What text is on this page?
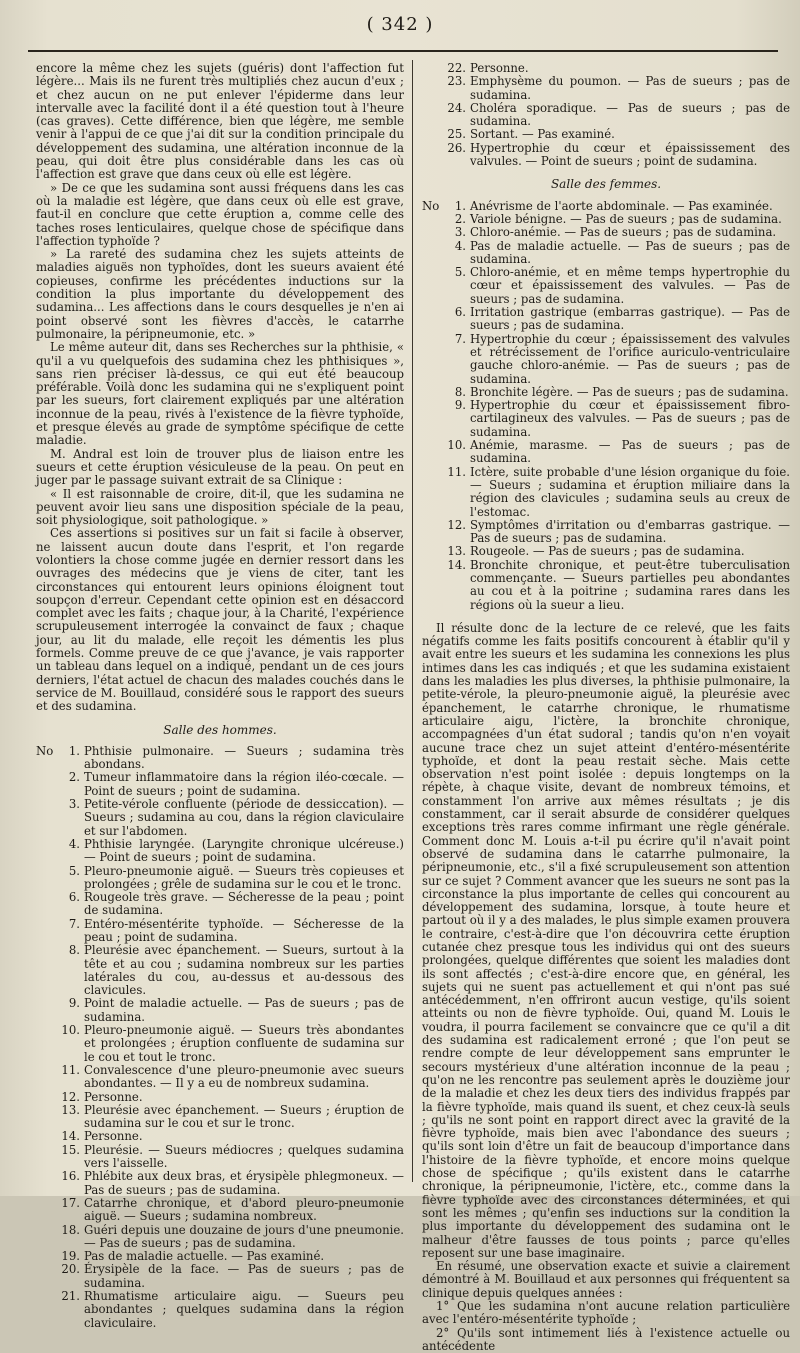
( 342 )

encore la même chez les sujets (guéris) dont l'affection fut légère... Mais ils ne furent très multipliés chez aucun d'eux ; et chez aucun on ne put enlever l'épiderme dans leur intervalle avec la facilité dont il a été question tout à l'heure (cas graves). Cette différence, bien que légère, me semble venir à l'appui de ce que j'ai dit sur la condition principale du développement des sudamina, une altération inconnue de la peau, qui doit être plus considérable dans les cas où l'affection est grave que dans ceux où elle est légère.

» De ce que les sudamina sont aussi fréquens dans les cas où la maladie est légère, que dans ceux où elle est grave, faut-il en conclure que cette éruption a, comme celle des taches roses lenticulaires, quelque chose de spécifique dans l'affection typhoïde ?

» La rareté des sudamina chez les sujets atteints de maladies aiguës non typhoïdes, dont les sueurs avaient été copieuses, confirme les précédentes inductions sur la condition la plus importante du développement des sudamina... Les affections dans le cours desquelles je n'en ai point observé sont les fièvres d'accès, le catarrhe pulmonaire, la péripneumonie, etc. »

Le même auteur dit, dans ses Recherches sur la phthisie, « qu'il a vu quelquefois des sudamina chez les phthisiques », sans rien préciser là-dessus, ce qui eut été beaucoup préférable. Voilà donc les sudamina qui ne s'expliquent point par les sueurs, fort clairement expliqués par une altération inconnue de la peau, rivés à l'existence de la fièvre typhoïde, et presque élevés au grade de symptôme spécifique de cette maladie.

M. Andral est loin de trouver plus de liaison entre les sueurs et cette éruption vésiculeuse de la peau. On peut en juger par le passage suivant extrait de sa Clinique :

« Il est raisonnable de croire, dit-il, que les sudamina ne peuvent avoir lieu sans une disposition spéciale de la peau, soit physiologique, soit pathologique. »

Ces assertions si positives sur un fait si facile à observer, ne laissent aucun doute dans l'esprit, et l'on regarde volontiers la chose comme jugée en dernier ressort dans les ouvrages des médecins que je viens de citer, tant les circonstances qui entourent leurs opinions éloignent tout soupçon d'erreur. Cependant cette opinion est en désaccord complet avec les faits ; chaque jour, à la Charité, l'expérience scrupuleusement interrogée la convainct de faux ; chaque jour, au lit du malade, elle reçoit les démentis les plus formels. Comme preuve de ce que j'avance, je vais rapporter un tableau dans lequel on a indiqué, pendant un de ces jours derniers, l'état actuel de chacun des malades couchés dans le service de M. Bouillaud, considéré sous le rapport des sueurs et des sudamina.

Salle des hommes.
No	1. Phthisie pulmonaire. — Sueurs ; sudamina très abondans.
2. Tumeur inflammatoire dans la région iléo-cœcale. — Point de sueurs ; point de sudamina.
3. Petite-vérole confluente (période de dessiccation). — Sueurs ; sudamina au cou, dans la région claviculaire et sur l'abdomen.
4. Phthisie laryngée. (Laryngite chronique ulcéreuse.) — Point de sueurs ; point de sudamina.
5. Pleuro-pneumonie aiguë. — Sueurs très copieuses et prolongées ; grêle de sudamina sur le cou et le tronc.
6. Rougeole très grave. — Sécheresse de la peau ; point de sudamina.
7. Entéro-mésentérite typhoïde. — Sécheresse de la peau ; point de sudamina.
8. Pleurésie avec épanchement. — Sueurs, surtout à la tête et au cou ; sudamina nombreux sur les parties latérales du cou, au-dessus et au-dessous des clavicules.
9. Point de maladie actuelle. — Pas de sueurs ; pas de sudamina.
10. Pleuro-pneumonie aiguë. — Sueurs très abondantes et prolongées ; éruption confluente de sudamina sur le cou et tout le tronc.
11. Convalescence d'une pleuro-pneumonie avec sueurs abondantes. — Il y a eu de nombreux sudamina.
12. Personne.
13. Pleurésie avec épanchement. — Sueurs ; éruption de sudamina sur le cou et sur le tronc.
14. Personne.
15. Pleurésie. — Sueurs médiocres ; quelques sudamina vers l'aisselle.
16. Phlébite aux deux bras, et érysipèle phlegmoneux. — Pas de sueurs ; pas de sudamina.
17. Catarrhe chronique, et d'abord pleuro-pneumonie aiguë. — Sueurs ; sudamina nombreux.
18. Guéri depuis une douzaine de jours d'une pneumonie. — Pas de sueurs ; pas de sudamina.
19. Pas de maladie actuelle. — Pas examiné.
20. Érysipèle de la face. — Pas de sueurs ; pas de sudamina.
21. Rhumatisme articulaire aigu. — Sueurs peu abondantes ; quelques sudamina dans la région claviculaire.
22. Personne.
23. Emphysème du poumon. — Pas de sueurs ; pas de sudamina.
24. Choléra sporadique. — Pas de sueurs ; pas de sudamina.
25. Sortant. — Pas examiné.
26. Hypertrophie du cœur et épaississement des valvules. — Point de sueurs ; point de sudamina.
Salle des femmes.
No	1. Anévrisme de l'aorte abdominale. — Pas examinée.
2. Variole bénigne. — Pas de sueurs ; pas de sudamina.
3. Chloro-anémie. — Pas de sueurs ; pas de sudamina.
4. Pas de maladie actuelle. — Pas de sueurs ; pas de sudamina.
5. Chloro-anémie, et en même temps hypertrophie du cœur et épaississement des valvules. — Pas de sueurs ; pas de sudamina.
6. Irritation gastrique (embarras gastrique). — Pas de sueurs ; pas de sudamina.
7. Hypertrophie du cœur ; épaississement des valvules et rétrécissement de l'orifice auriculo-ventriculaire gauche chloro-anémie. — Pas de sueurs ; pas de sudamina.
8. Bronchite légère. — Pas de sueurs ; pas de sudamina.
9. Hypertrophie du cœur et épaississement fibro-cartilagineux des valvules. — Pas de sueurs ; pas de sudamina.
10. Anémie, marasme. — Pas de sueurs ; pas de sudamina.
11. Ictère, suite probable d'une lésion organique du foie. — Sueurs ; sudamina et éruption miliaire dans la région des clavicules ; sudamina seuls au creux de l'estomac.
12. Symptômes d'irritation ou d'embarras gastrique. — Pas de sueurs ; pas de sudamina.
13. Rougeole. — Pas de sueurs ; pas de sudamina.
14. Bronchite chronique, et peut-être tuberculisation commençante. — Sueurs partielles peu abondantes au cou et à la poitrine ; sudamina rares dans les régions où la sueur a lieu.

Il résulte donc de la lecture de ce relevé, que les faits négatifs comme les faits positifs concourent à établir qu'il y avait entre les sueurs et les sudamina les connexions les plus intimes dans les cas indiqués ; et que les sudamina existaient dans les maladies les plus diverses, la phthisie pulmonaire, la petite-vérole, la pleuro-pneumonie aiguë, la pleurésie avec épanchement, le catarrhe chronique, le rhumatisme articulaire aigu, l'ictère, la bronchite chronique, accompagnées d'un état sudoral ; tandis qu'on n'en voyait aucune trace chez un sujet atteint d'entéro-mésentérite typhoïde, et dont la peau restait sèche. Mais cette observation n'est point isolée : depuis longtemps on la répète, à chaque visite, devant de nombreux témoins, et constamment l'on arrive aux mêmes résultats ; je dis constamment, car il serait absurde de considérer quelques exceptions très rares comme infirmant une règle générale. Comment donc M. Louis a-t-il pu écrire qu'il n'avait point observé de sudamina dans le catarrhe pulmonaire, la péripneumonie, etc., s'il a fixé scrupuleusement son attention sur ce sujet ? Comment avancer que les sueurs ne sont pas la circonstance la plus importante de celles qui concourent au développement des sudamina, lorsque, à toute heure et partout où il y a des malades, le plus simple examen prouvera le contraire, c'est-à-dire que l'on découvrira cette éruption cutanée chez presque tous les individus qui ont des sueurs prolongées, quelque différentes que soient les maladies dont ils sont affectés ; c'est-à-dire encore que, en général, les sujets qui ne suent pas actuellement et qui n'ont pas sué antécédemment, n'en offriront aucun vestige, qu'ils soient atteints ou non de fièvre typhoïde. Oui, quand M. Louis le voudra, il pourra facilement se convaincre que ce qu'il a dit des sudamina est radicalement erroné ; que l'on peut se rendre compte de leur développement sans emprunter le secours mystérieux d'une altération inconnue de la peau ; qu'on ne les rencontre pas seulement après le douzième jour de la maladie et chez les deux tiers des individus frappés par la fièvre typhoïde, mais quand ils suent, et chez ceux-là seuls ; qu'ils ne sont point en rapport direct avec la gravité de la fièvre typhoïde, mais bien avec l'abondance des sueurs ; qu'ils sont loin d'être un fait de beaucoup d'importance dans l'histoire de la fièvre typhoïde, et encore moins quelque chose de spécifique ; qu'ils existent dans le catarrhe chronique, la péripneumonie, l'ictère, etc., comme dans la fièvre typhoïde avec des circonstances déterminées, et qui sont les mêmes ; qu'enfin ses inductions sur la condition la plus importante du développement des sudamina ont le malheur d'être fausses de tous points ; parce qu'elles reposent sur une base imaginaire.

En résumé, une observation exacte et suivie a clairement démontré à M. Bouillaud et aux personnes qui fréquentent sa clinique depuis quelques années :

1° Que les sudamina n'ont aucune relation particulière avec l'entéro-mésentérite typhoïde ;

2° Qu'ils sont intimement liés à l'existence actuelle ou antécédente
